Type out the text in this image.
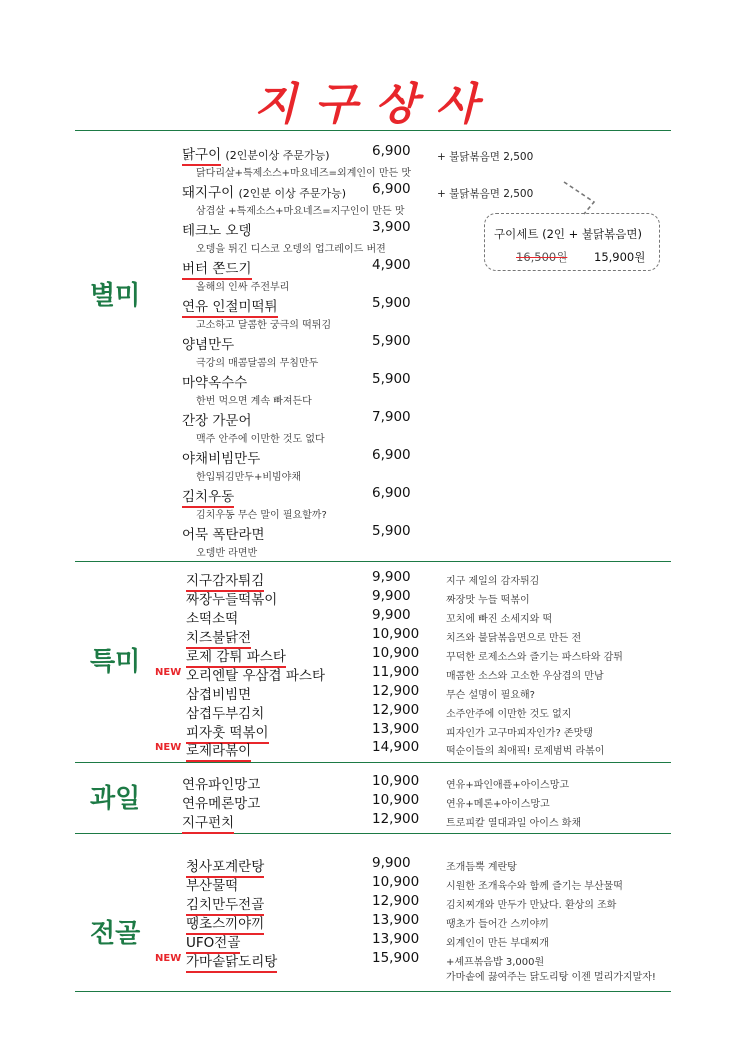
지구상사
별미
특미
과일
전골
닭구이 (2인분이상 주문가능)	6,900
닭다리살+특제소스+마요네즈=외계인이 만든 맛
돼지구이 (2인분 이상 주문가능) 6,900
삼겹살 +특제소스+마요네즈=지구인이 만든 맛
테크노 오뎅	3,900
오뎅을 튀긴 디스코 오뎅의 업그레이드 버젼
버터 쫀드기	4,900
올해의 인싸 주전부리
연유 인절미떡튀	5,900
고소하고 달콤한 궁극의 떡튀김
양념만두	5,900
극강의 매콤달콤의 무침만두
마약옥수수	5,900
한번 먹으면 계속 빠져든다
간장 가문어	7,900
맥주 안주에 이만한 것도 없다
야채비빔만두	6,900
한입튀김만두+비빔야채
김치우동	6,900
김치우동 무슨 말이 필요할까?
어묵 폭탄라면	5,900
오뎅반 라면반
+ 불닭볶음면 2,500
+ 불닭볶음면 2,500
구이세트 (2인 + 불닭볶음면)
16,500원 15,900원
지구감자튀김	9,900	지구 제일의 감자튀김
짜장누들떡볶이	9,900	짜장맛 누들 떡볶이
소떡소떡	9,900	꼬치에 빠진 소세지와 떡
치즈불닭전	10,900	치즈와 불닭볶음면으로 만든 전
로제 감튀 파스타	10,900	꾸덕한 로제소스와 즐기는 파스타와 감튀
NEW 오리엔탈 우삼겹 파스타	11,900	매콤한 소스와 고소한 우삼겹의 만남
삼겹비빔면	12,900	무슨 설명이 필요해?
삼겹두부김치	12,900	소주안주에 이만한 것도 없지
피자훗 떡볶이	13,900	피자인가 고구마피자인가? 존맛탱
NEW 로제라볶이	14,900	떡순이들의 최애픽! 로제범벅 라볶이
연유파인망고	10,900	연유+파인애플+아이스망고
연유메론망고	10,900	연유+메론+아이스망고
지구펀치	12,900	트로피칼 열대과일 아이스 화채
청사포계란탕	9,900	조개듬뿍 계란탕
부산물떡	10,900	시원한 조개육수와 함께 즐기는 부산물떡
김치만두전골	12,900	김치찌개와 만두가 만났다. 환상의 조화
땡초스끼야끼	13,900	땡초가 들어간 스끼야끼
UFO전골	13,900	외계인이 만든 부대찌개
NEW 가마솥닭도리탕	15,900	+셰프볶음밥 3,000원
가마솥에 끓여주는 닭도리탕 이젠 멀리가지말자!
